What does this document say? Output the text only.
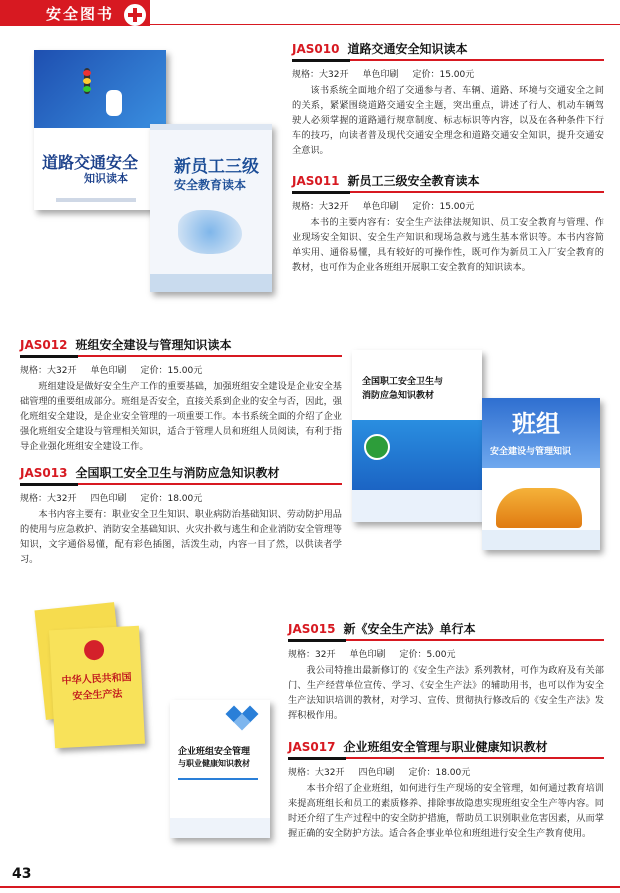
安全图书
道路交通安全
知识读本
新员工三级
安全教育读本
JAS010 道路交通安全知识读本
规格：大32开 单色印刷 定价：15.00元
该书系统全面地介绍了交通参与者、车辆、道路、环境与交通安全之间的关系，紧紧围绕道路交通安全主题，突出重点，讲述了行人、机动车辆驾驶人必须掌握的道路通行规章制度、标志标识等内容，以及在各种条件下行车的技巧，向读者普及现代交通安全理念和道路交通安全知识，提升交通安全意识。
JAS011 新员工三级安全教育读本
规格：大32开 单色印刷 定价：15.00元
本书的主要内容有：安全生产法律法规知识、员工安全教育与管理、作业现场安全知识、安全生产知识和现场急救与逃生基本常识等。本书内容简单实用、通俗易懂，具有较好的可操作性，既可作为新员工入厂安全教育的教材，也可作为企业各班组开展职工安全教育的知识读本。
JAS012 班组安全建设与管理知识读本
规格：大32开 单色印刷 定价：15.00元
班组建设是做好安全生产工作的重要基础，加强班组安全建设是企业安全基础管理的重要组成部分。班组是否安全，直接关系到企业的安全与否，因此，强化班组安全建设，是企业安全管理的一项重要工作。本书系统全面的介绍了企业强化班组安全建设与管理相关知识，适合于管理人员和班组人员阅读，有利于指导企业强化班组安全建设工作。
JAS013 全国职工安全卫生与消防应急知识教材
规格：大32开 四色印刷 定价：18.00元
本书内容主要有：职业安全卫生知识、职业病防治基础知识、劳动防护用品的使用与应急救护、消防安全基础知识、火灾扑救与逃生和企业消防安全管理等知识，文字通俗易懂，配有彩色插图，活泼生动，内容一目了然，以供读者学习。
全国职工安全卫生与
消防应急知识教材
班组
安全建设与管理知识
中华人民共和国
安全生产法
企业班组安全管理
与职业健康知识教材
JAS015 新《安全生产法》单行本
规格：32开 单色印刷 定价：5.00元
我公司特推出最新修订的《安全生产法》系列教材，可作为政府及有关部门、生产经营单位宣传、学习、《安全生产法》的辅助用书，也可以作为安全生产法知识培训的教材，对学习、宣传、贯彻执行修改后的《安全生产法》发挥积极作用。
JAS017 企业班组安全管理与职业健康知识教材
规格：大32开 四色印刷 定价：18.00元
本书介绍了企业班组，如何进行生产现场的安全管理，如何通过教育培训来提高班组长和员工的素质修养、排除事故隐患实现班组安全生产等内容。同时还介绍了生产过程中的安全防护措施，帮助员工识别职业危害因素，从而掌握正确的安全防护方法。适合各企事业单位和班组进行安全生产教育使用。
43
